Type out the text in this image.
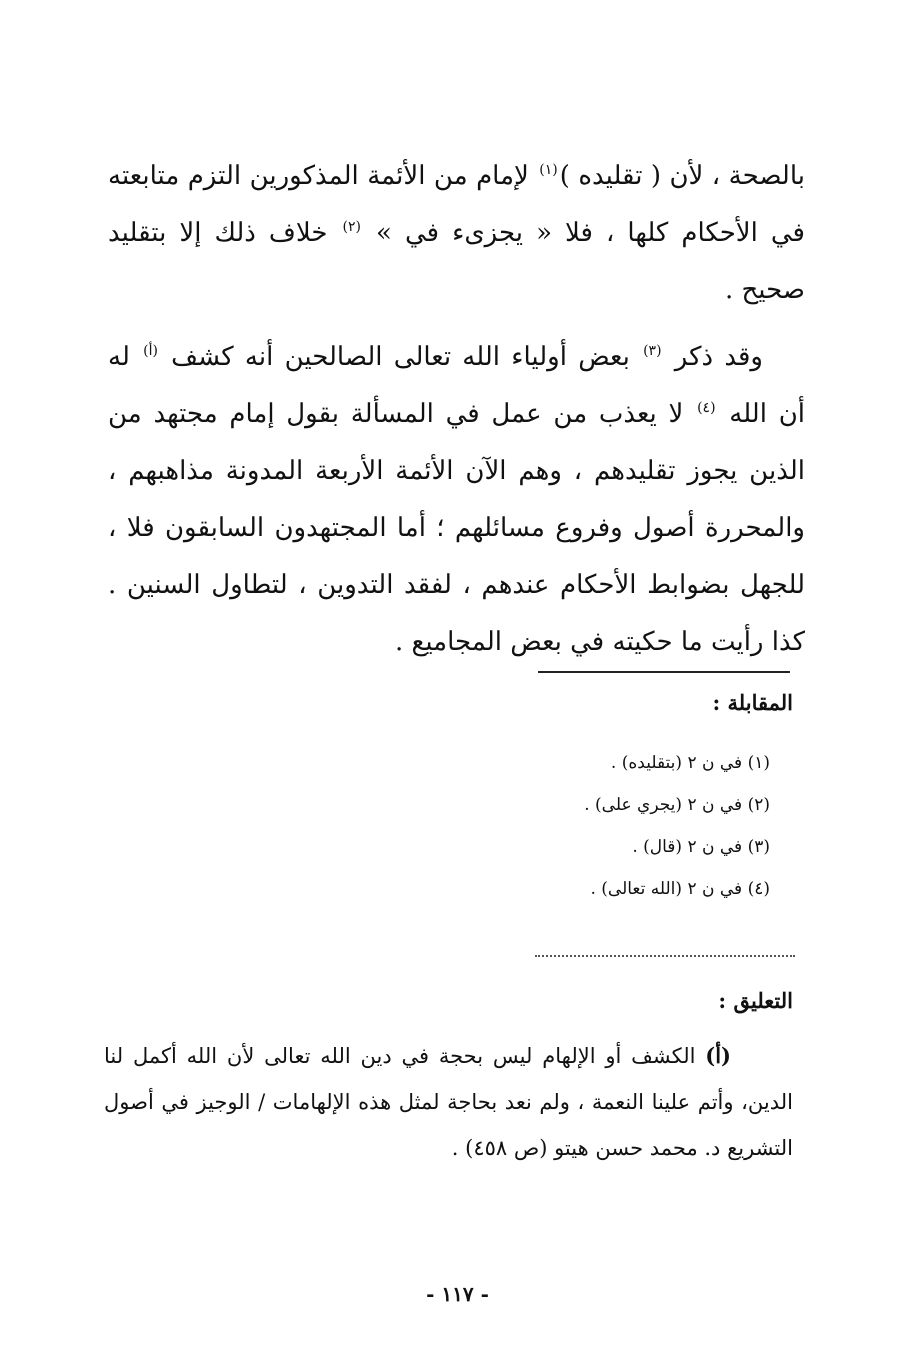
بالصحة ، لأن ( تقليده )$^{(١)}$ لإمام من الأئمة المذكورين التزم متابعته في الأحكام كلها ، فلا « يجزىء في » $^{(٢)}$ خلاف ذلك إلا بتقليد صحيح .

وقد ذكر $^{(٣)}$ بعض أولياء الله تعالى الصالحين أنه كشف $^{(أ)}$ له أن الله $^{(٤)}$ لا يعذب من عمل في المسألة بقول إمام مجتهد من الذين يجوز تقليدهم ، وهم الآن الأئمة الأربعة المدونة مذاهبهم ، والمحررة أصول وفروع مسائلهم ؛ أما المجتهدون السابقون فلا ، للجهل بضوابط الأحكام عندهم ، لفقد التدوين ، لتطاول السنين . كذا رأيت ما حكيته في بعض المجاميع .

المقابلة :
(١) في ن ٢ (بتقليده) .
(٢) في ن ٢ (يجري على) .
(٣) في ن ٢ (قال) .
(٤) في ن ٢ (الله تعالى) .
التعليق :

(أ) الكشف أو الإلهام ليس بحجة في دين الله تعالى لأن الله أكمل لنا الدين، وأتم علينا النعمة ، ولم نعد بحاجة لمثل هذه الإلهامات / الوجيز في أصول التشريع د. محمد حسن هيتو (ص ٤٥٨) .

- ١١٧ -
